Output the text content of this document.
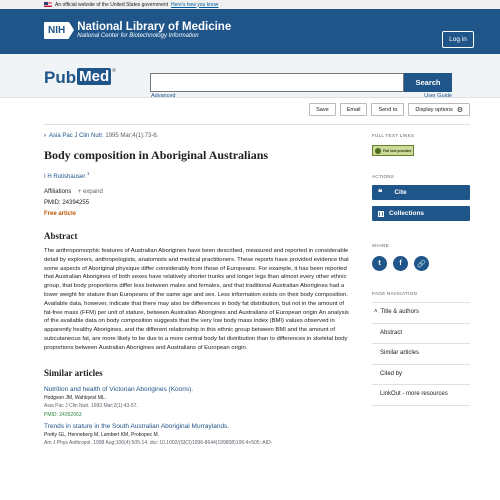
An official website of the United States government Here's how you know
NIH	National Library of Medicine
National Center for Biotechnology Information	Log in
Pub Med ®
Search
Advanced	User Guide
Save	Email	Send to	Display options ⚙
› Asia Pac J Clin Nutr. 1995 Mar;4(1):73-6.
Body composition in Aboriginal Australians
I H Rutishauser $^1$
Affiliations + expand
PMID: 24394255
Free article
Abstract
The anthropomorphic features of Australian Aborigines have been described, measured and reported in considerable detail by explorers, anthropologists, anatomists and medical practitioners. These reports have provided evidence that some aspects of Aboriginal physique differ considerably from those of Europeans. For example, it has been reported that Australian Aborigines of both sexes have relatively shorter trunks and longer legs than almost every other ethnic group, that body proportions differ less between males and females, and that traditional Australian Aborigines had a lower weight for stature than Europeans of the same age and sex. Less information exists on their body composition. Available data, however, indicate that there may also be differences in body fat distribution, but not in the amount of fat-free mass (FFM) per unit of stature, between Australian Aborigines and Australians of European origin An analysis of the available data on body composition suggests that the very low body mass index (BMI) values observed in apparently healthy Aborigines, and the different relationship in this ethnic group between BMI and the amount of subcutaneous fat, are more likely to be due to a more central body fat distribution than to differences in skeletal body proportions between Australian Aborigines and Australians of European origin.
Similar articles
Nutrition and health of Victorian Aborigines (Kooris).
Hodgson JM, Wahlqvist ML.
Asia Pac J Clin Nutr. 1993 Mar;2(1):43-57.
PMID: 24352063
Trends in stature in the South Australian Aboriginal Murraylands.
Pretty GL, Henneberg M, Lambert KM, Prokopec M.
Am J Phys Anthropol. 1998 Aug;106(4):505-14. doi: 10.1002/(SICI)1096-8644(199808)106:4<505::AID-
FULL TEXT LINKS
Full text provider
ACTIONS
❝ Cite
▮ Collections
SHARE
t	f	🔗
PAGE NAVIGATION
˄ Title & authors
Abstract
Similar articles
Cited by
LinkOut - more resources
